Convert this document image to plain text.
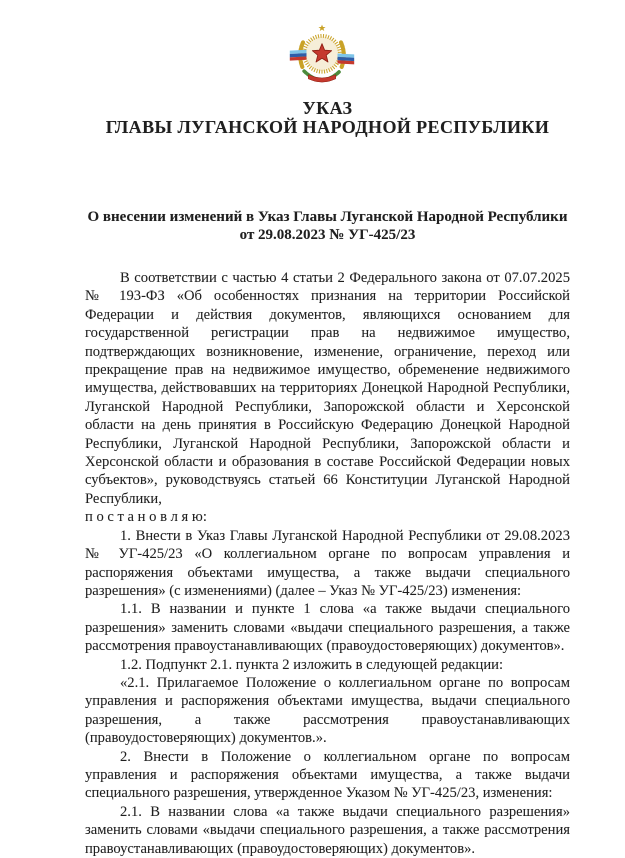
УКАЗ
ГЛАВЫ ЛУГАНСКОЙ НАРОДНОЙ РЕСПУБЛИКИ
О внесении изменений в Указ Главы Луганской Народной Республики
от 29.08.2023 № УГ-425/23

В соответствии с частью 4 статьи 2 Федерального закона от 07.07.2025 № 193-ФЗ «Об особенностях признания на территории Российской Федерации и действия документов, являющихся основанием для государственной регистрации прав на недвижимое имущество, подтверждающих возникновение, изменение, ограничение, переход или прекращение прав на недвижимое имущество, обременение недвижимого имущества, действовавших на территориях Донецкой Народной Республики, Луганской Народной Республики, Запорожской области и Херсонской области на день принятия в Российскую Федерацию Донецкой Народной Республики, Луганской Народной Республики, Запорожской области и Херсонской области и образования в составе Российской Федерации новых субъектов», руководствуясь статьей 66 Конституции Луганской Народной Республики,

п о с т а н о в л я ю:

1. Внести в Указ Главы Луганской Народной Республики от 29.08.2023 № УГ-425/23 «О коллегиальном органе по вопросам управления и распоряжения объектами имущества, а также выдачи специального разрешения» (с изменениями) (далее – Указ № УГ-425/23) изменения:

1.1. В названии и пункте 1 слова «а также выдачи специального разрешения» заменить словами «выдачи специального разрешения, а также рассмотрения правоустанавливающих (правоудостоверяющих) документов».

1.2. Подпункт 2.1. пункта 2 изложить в следующей редакции:

«2.1. Прилагаемое Положение о коллегиальном органе по вопросам управления и распоряжения объектами имущества, выдачи специального разрешения, а также рассмотрения правоустанавливающих (правоудостоверяющих) документов.».

2. Внести в Положение о коллегиальном органе по вопросам управления и распоряжения объектами имущества, а также выдачи специального разрешения, утвержденное Указом № УГ-425/23, изменения:

2.1. В названии слова «а также выдачи специального разрешения» заменить словами «выдачи специального разрешения, а также рассмотрения правоустанавливающих (правоудостоверяющих) документов».
